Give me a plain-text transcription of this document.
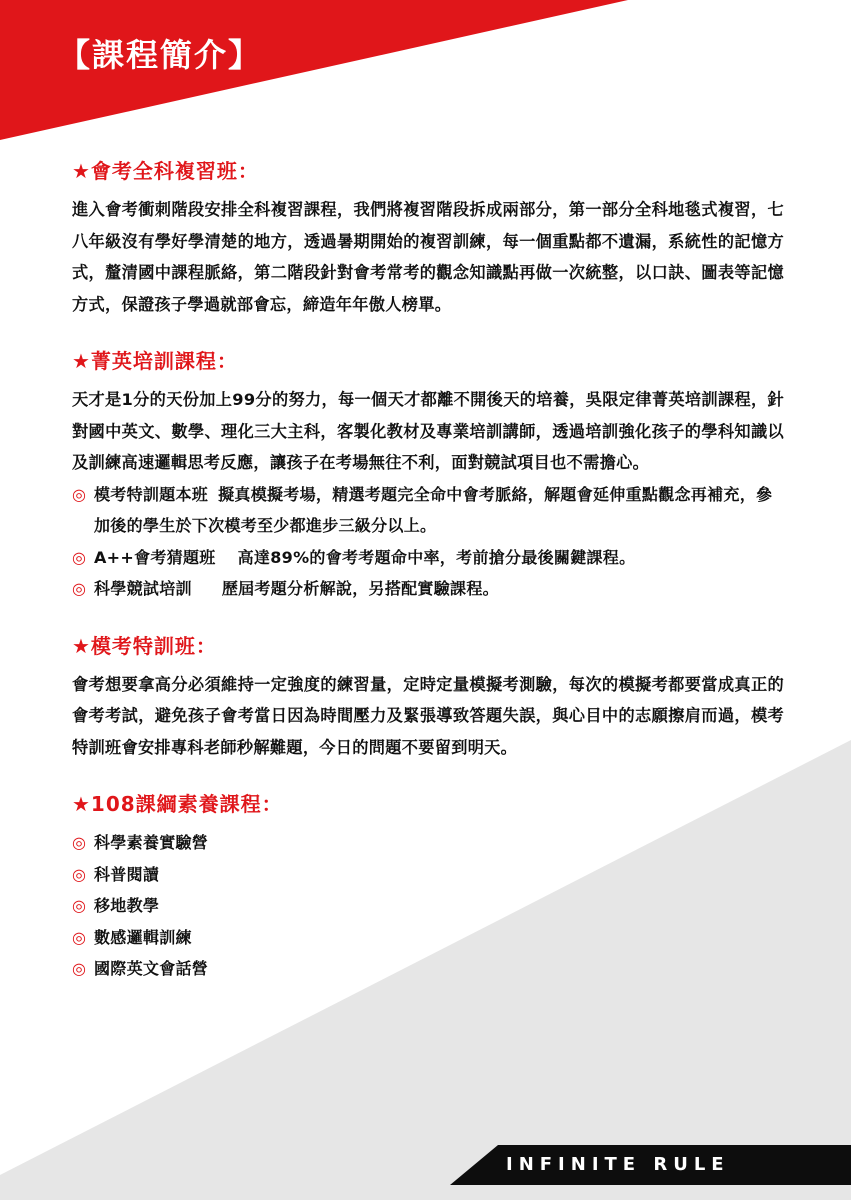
【課程簡介】
★會考全科複習班：

進入會考衝刺階段安排全科複習課程，我們將複習階段拆成兩部分，第一部分全科地毯式複習，七八年級沒有學好學清楚的地方，透過暑期開始的複習訓練，每一個重點都不遺漏，系統性的記憶方式，釐清國中課程脈絡，第二階段針對會考常考的觀念知識點再做一次統整，以口訣、圖表等記憶方式，保證孩子學過就部會忘，締造年年傲人榜單。

★菁英培訓課程：

天才是1分的天份加上99分的努力，每一個天才都離不開後天的培養，吳限定律菁英培訓課程，針對國中英文、數學、理化三大主科，客製化教材及專業培訓講師，透過培訓強化孩子的學科知識以及訓練高速邏輯思考反應，讓孩子在考場無往不利，面對競試項目也不需擔心。

◎ 模考特訓題本班 擬真模擬考場，精選考題完全命中會考脈絡，解題會延伸重點觀念再補充，參加後的學生於下次模考至少都進步三級分以上。
◎ A++會考猜題班 高達89%的會考考題命中率，考前搶分最後關鍵課程。
◎ 科學競試培訓 歷屆考題分析解說，另搭配實驗課程。
★模考特訓班：

會考想要拿高分必須維持一定強度的練習量，定時定量模擬考測驗，每次的模擬考都要當成真正的會考考試，避免孩子會考當日因為時間壓力及緊張導致答題失誤，與心目中的志願擦肩而過，模考特訓班會安排專科老師秒解難題，今日的問題不要留到明天。

★108課綱素養課程：
◎ 科學素養實驗營
◎ 科普閱讀
◎ 移地教學
◎ 數感邏輯訓練
◎ 國際英文會話營
INFINITE RULE
